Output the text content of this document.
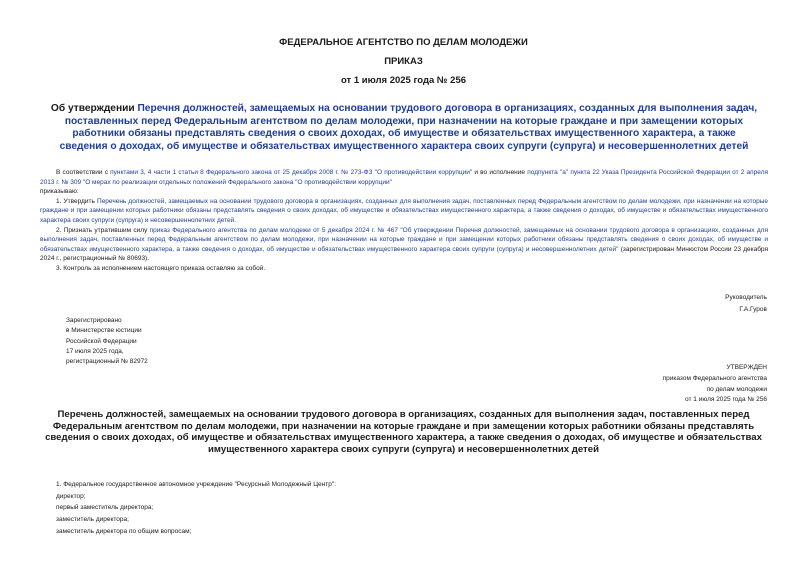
ФЕДЕРАЛЬНОЕ АГЕНТСТВО ПО ДЕЛАМ МОЛОДЕЖИ
ПРИКАЗ
от 1 июля 2025 года № 256
Об утверждении Перечня должностей, замещаемых на основании трудового договора в организациях, созданных для выполнения задач, поставленных перед Федеральным агентством по делам молодежи, при назначении на которые граждане и при замещении которых работники обязаны представлять сведения о своих доходах, об имуществе и обязательствах имущественного характера, а также сведения о доходах, об имуществе и обязательствах имущественного характера своих супруги (супруга) и несовершеннолетних детей

В соответствии с пунктами 3, 4 части 1 статьи 8 Федерального закона от 25 декабря 2008 г. № 273-ФЗ "О противодействии коррупции" и во исполнение подпункта "а" пункта 22 Указа Президента Российской Федерации от 2 апреля 2013 г. № 309 "О мерах по реализации отдельных положений Федерального закона "О противодействии коррупции"

приказываю:

1. Утвердить Перечень должностей, замещаемых на основании трудового договора в организациях, созданных для выполнения задач, поставленных перед Федеральным агентством по делам молодежи, при назначении на которые граждане и при замещении которых работники обязаны представлять сведения о своих доходах, об имуществе и обязательствах имущественного характера, а также сведения о доходах, об имуществе и обязательствах имущественного характера своих супруги (супруга) и несовершеннолетних детей.

2. Признать утратившим силу приказ Федерального агентства по делам молодежи от 5 декабря 2024 г. № 467 "Об утверждении Перечня должностей, замещаемых на основании трудового договора в организациях, созданных для выполнения задач, поставленных перед Федеральным агентством по делам молодежи, при назначении на которые граждане и при замещении которых работники обязаны представлять сведения о своих доходах, об имуществе и обязательствах имущественного характера, а также сведения о доходах, об имуществе и обязательствах имущественного характера своих супруги (супруга) и несовершеннолетних детей" (зарегистрирован Минюстом России 23 декабря 2024 г., регистрационный № 80693).

3. Контроль за исполнением настоящего приказа оставляю за собой.

Руководитель
Г.А.Гуров
Зарегистрировано
в Министерстве юстиции
Российской Федерации
17 июля 2025 года,
регистрационный № 82972
УТВЕРЖДЕН
приказом Федерального агентства
по делам молодежи
от 1 июля 2025 года № 256
Перечень должностей, замещаемых на основании трудового договора в организациях, созданных для выполнения задач, поставленных перед Федеральным агентством по делам молодежи, при назначении на которые граждане и при замещении которых работники обязаны представлять сведения о своих доходах, об имуществе и обязательствах имущественного характера, а также сведения о доходах, об имуществе и обязательствах имущественного характера своих супруги (супруга) и несовершеннолетних детей
1. Федеральное государственное автономное учреждение "Ресурсный Молодежный Центр":
директор;
первый заместитель директора;
заместитель директора;
заместитель директора по общим вопросам;
